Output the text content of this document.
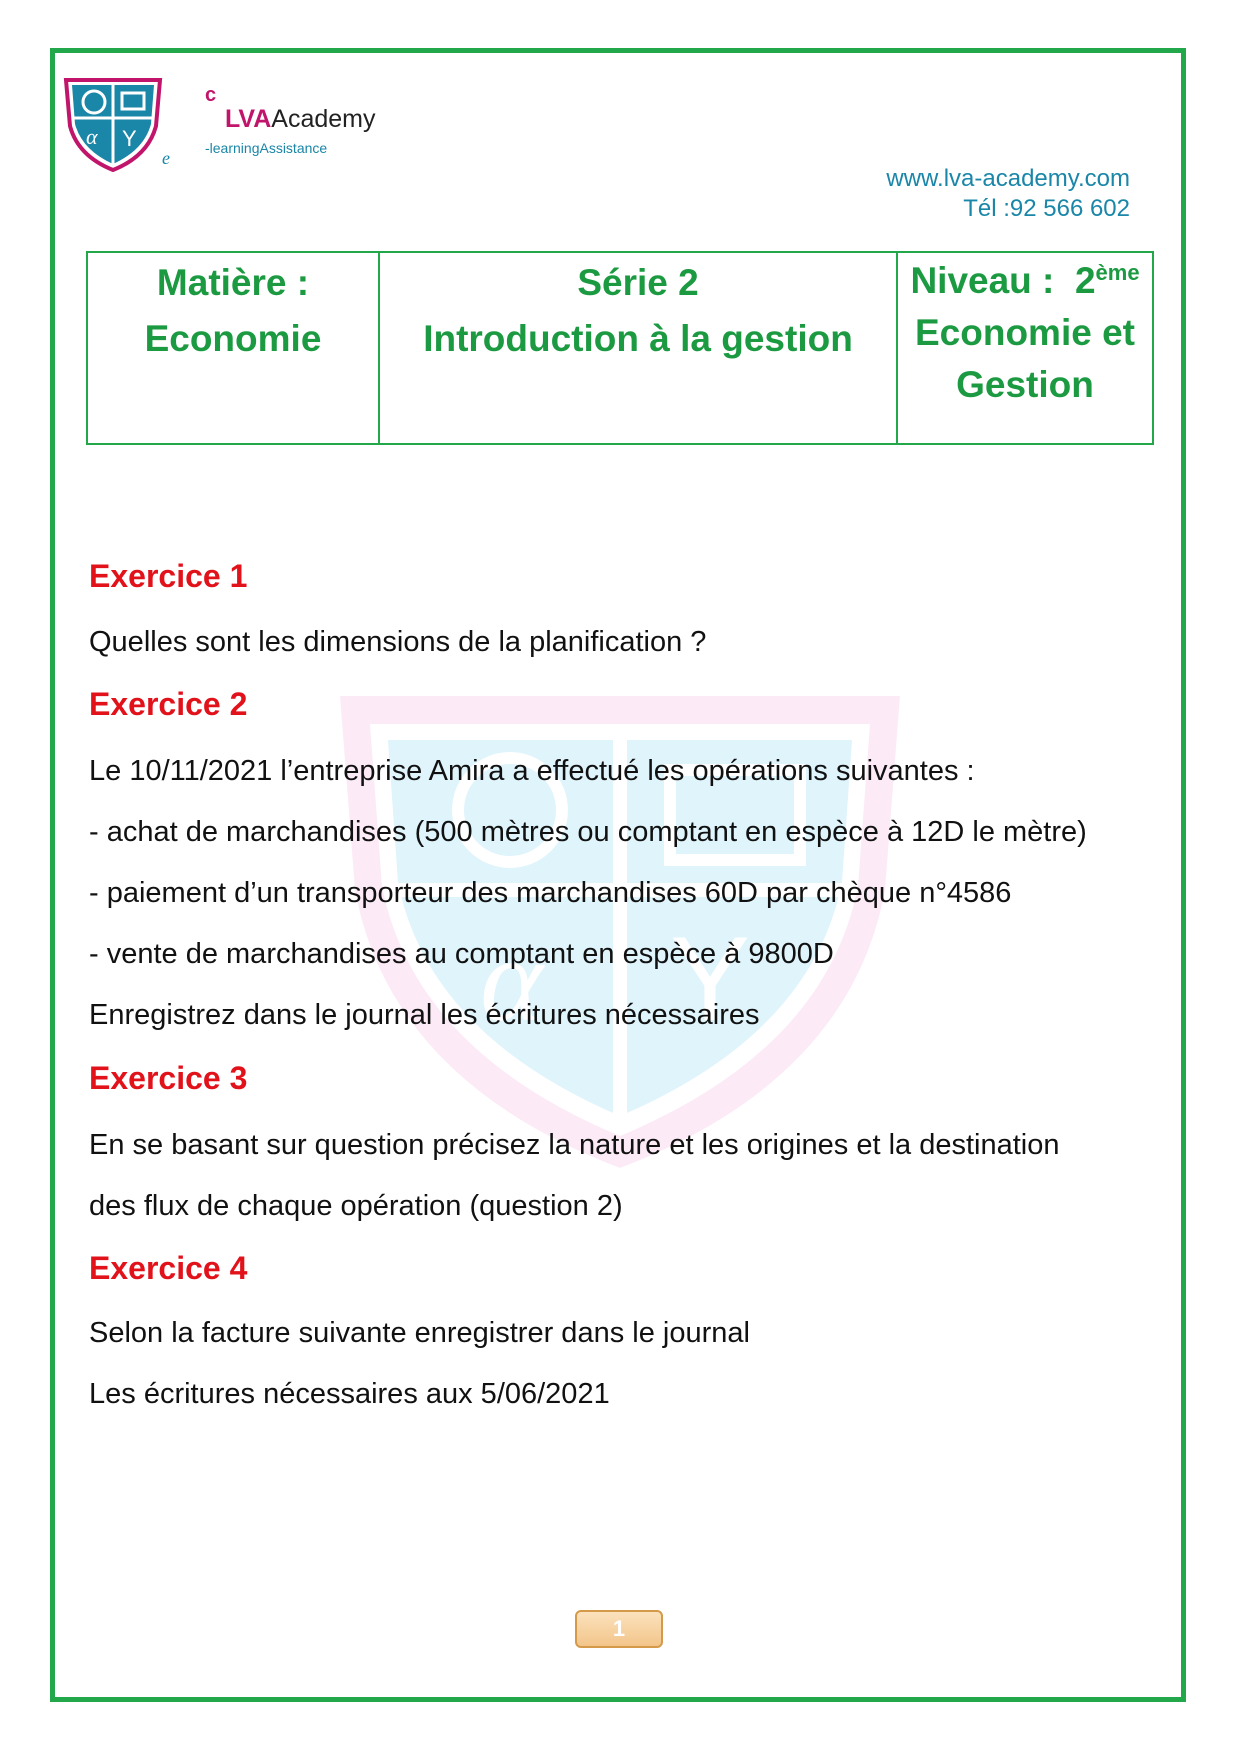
α Y
c
LVAAcademy
-learningAssistance
e
www.lva-academy.com
Tél :92 566 602
Matière :
Economie
Série 2
Introduction à la gestion
Niveau : 2ème
Economie et
Gestion
α Y
Exercice 1
Quelles sont les dimensions de la planification ?
Exercice 2
Le 10/11/2021 l’entreprise Amira a effectué les opérations suivantes :
- achat de marchandises (500 mètres ou comptant en espèce à 12D le mètre)
- paiement d’un transporteur des marchandises 60D par chèque n°4586
- vente de marchandises au comptant en espèce à 9800D
Enregistrez dans le journal les écritures nécessaires
Exercice 3
En se basant sur question précisez la nature et les origines et la destination
des flux de chaque opération (question 2)
Exercice 4
Selon la facture suivante enregistrer dans le journal
Les écritures nécessaires aux 5/06/2021
1
